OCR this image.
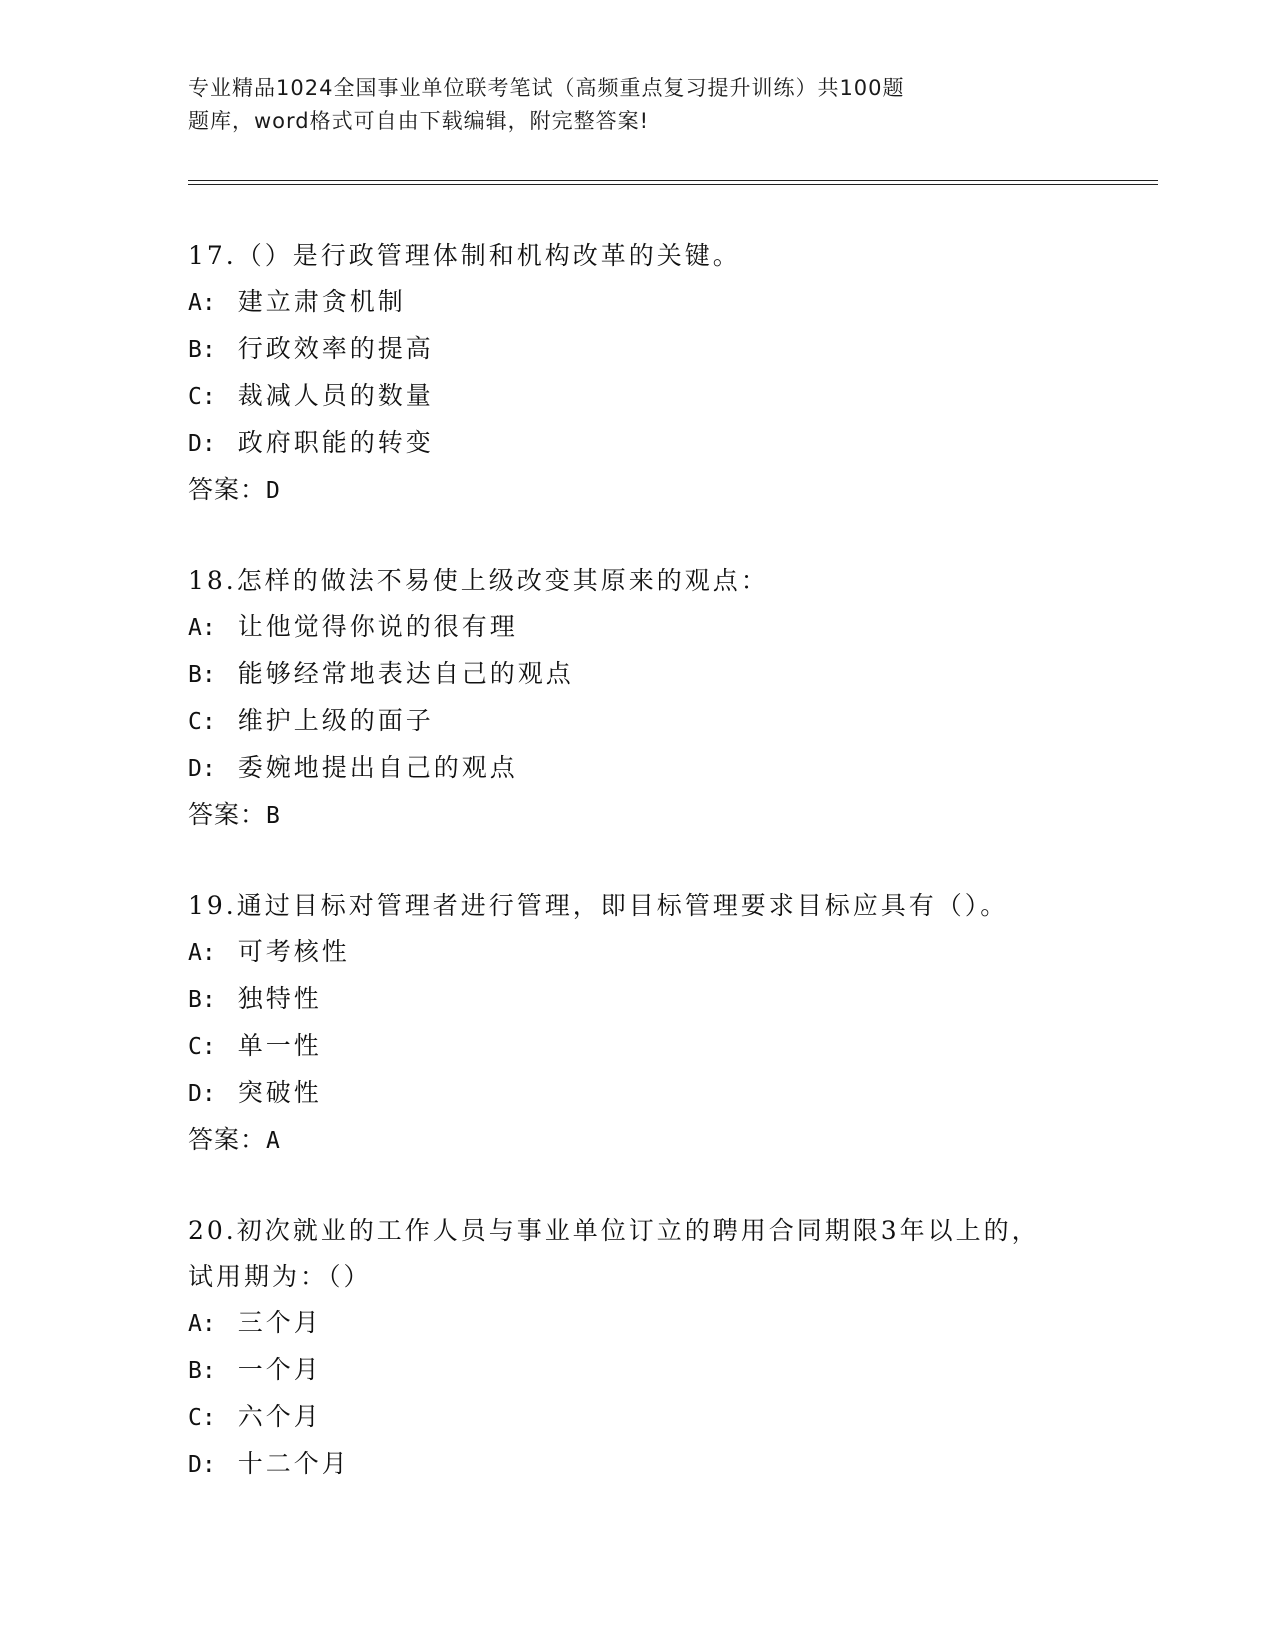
专业精品1024全国事业单位联考笔试（高频重点复习提升训练）共100题
题库，word格式可自由下载编辑，附完整答案!
17.（）是行政管理体制和机构改革的关键。
A: 建立肃贪机制
B: 行政效率的提高
C: 裁减人员的数量
D: 政府职能的转变
答案：D
18.怎样的做法不易使上级改变其原来的观点：
A: 让他觉得你说的很有理
B: 能够经常地表达自己的观点
C: 维护上级的面子
D: 委婉地提出自己的观点
答案：B
19.通过目标对管理者进行管理，即目标管理要求目标应具有（）。
A: 可考核性
B: 独特性
C: 单一性
D: 突破性
答案：A
20.初次就业的工作人员与事业单位订立的聘用合同期限3年以上的，
试用期为：（）
A: 三个月
B: 一个月
C: 六个月
D: 十二个月
